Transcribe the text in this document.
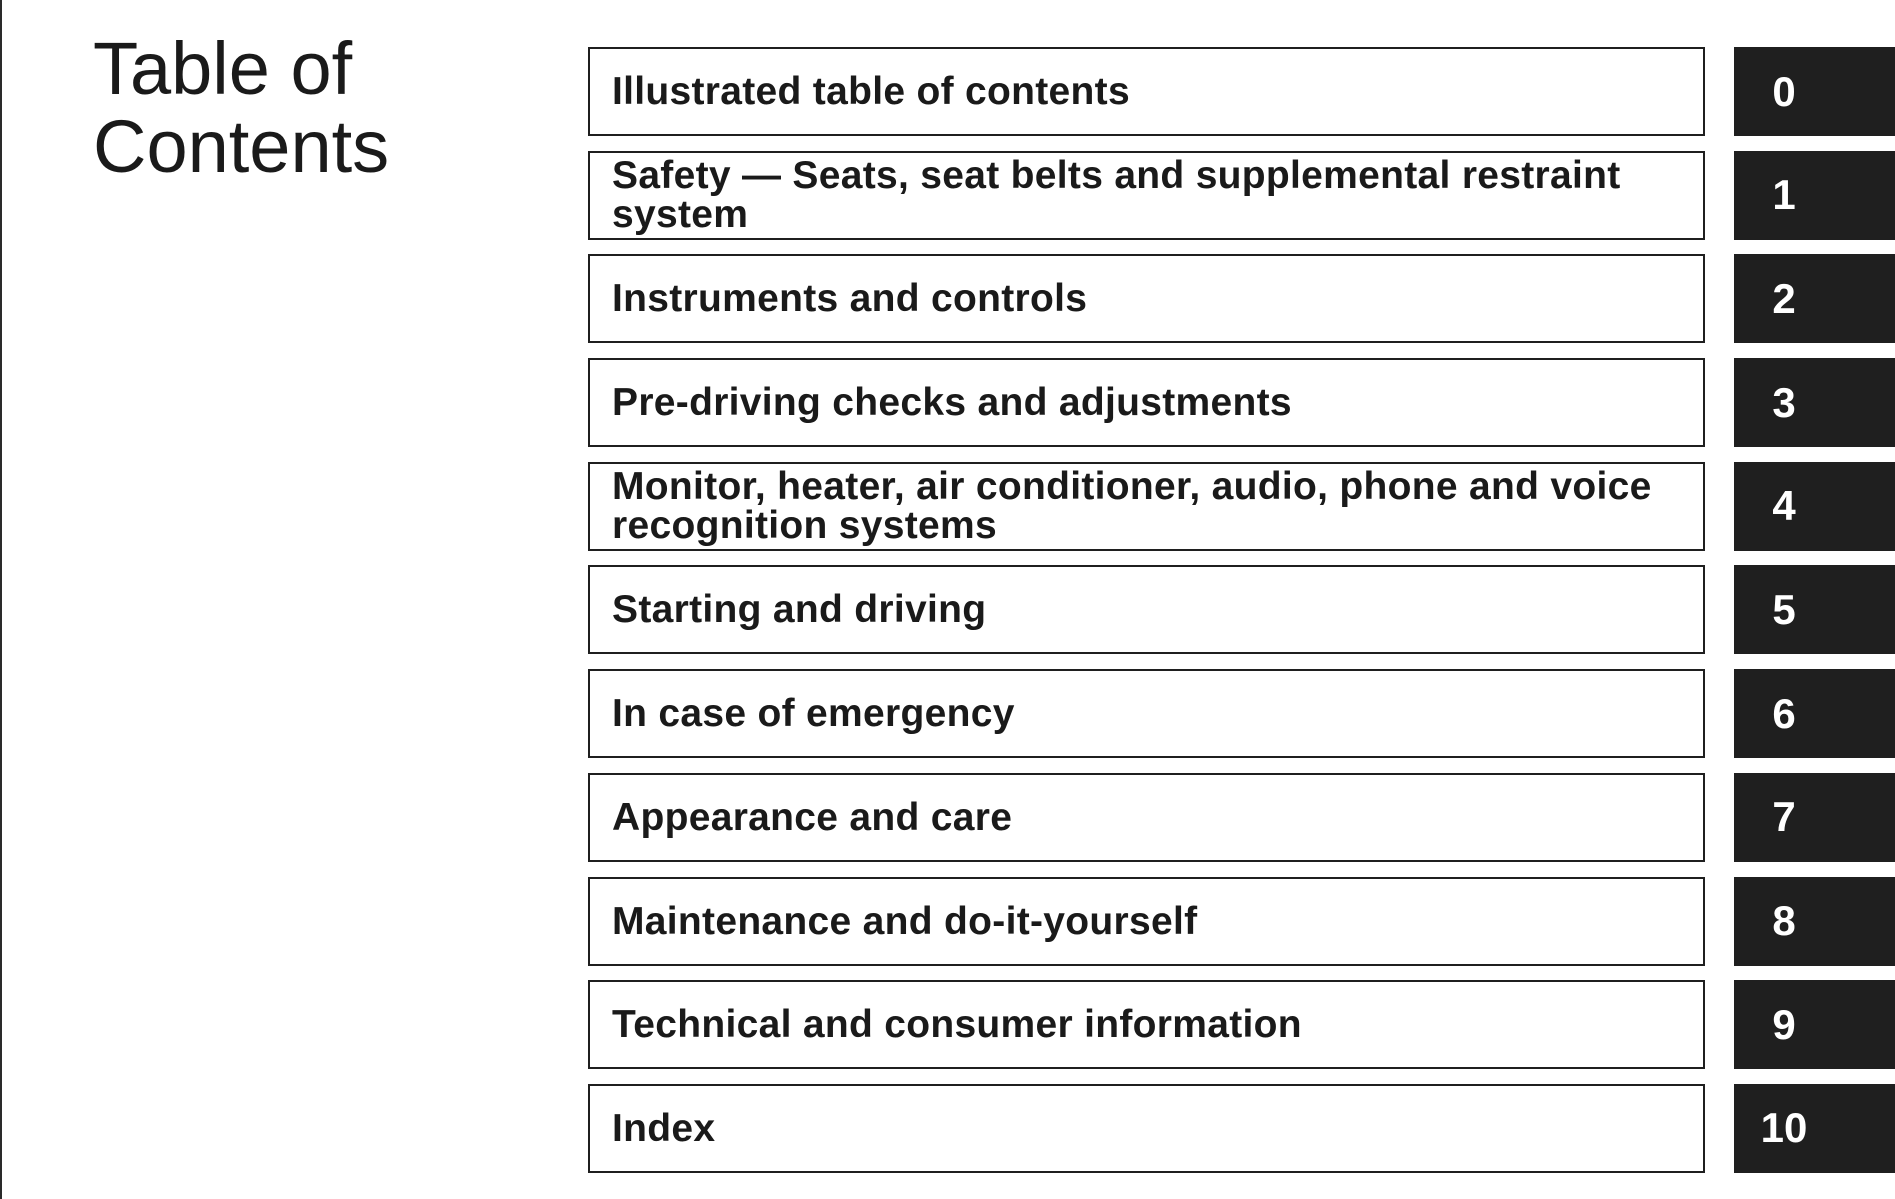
Table of
Contents
Illustrated table of contents	0
Safety — Seats, seat belts and supplemental restraint system	1
Instruments and controls	2
Pre-driving checks and adjustments	3
Monitor, heater, air conditioner, audio, phone and voice recognition systems	4
Starting and driving	5
In case of emergency	6
Appearance and care	7
Maintenance and do-it-yourself	8
Technical and consumer information	9
Index	10
